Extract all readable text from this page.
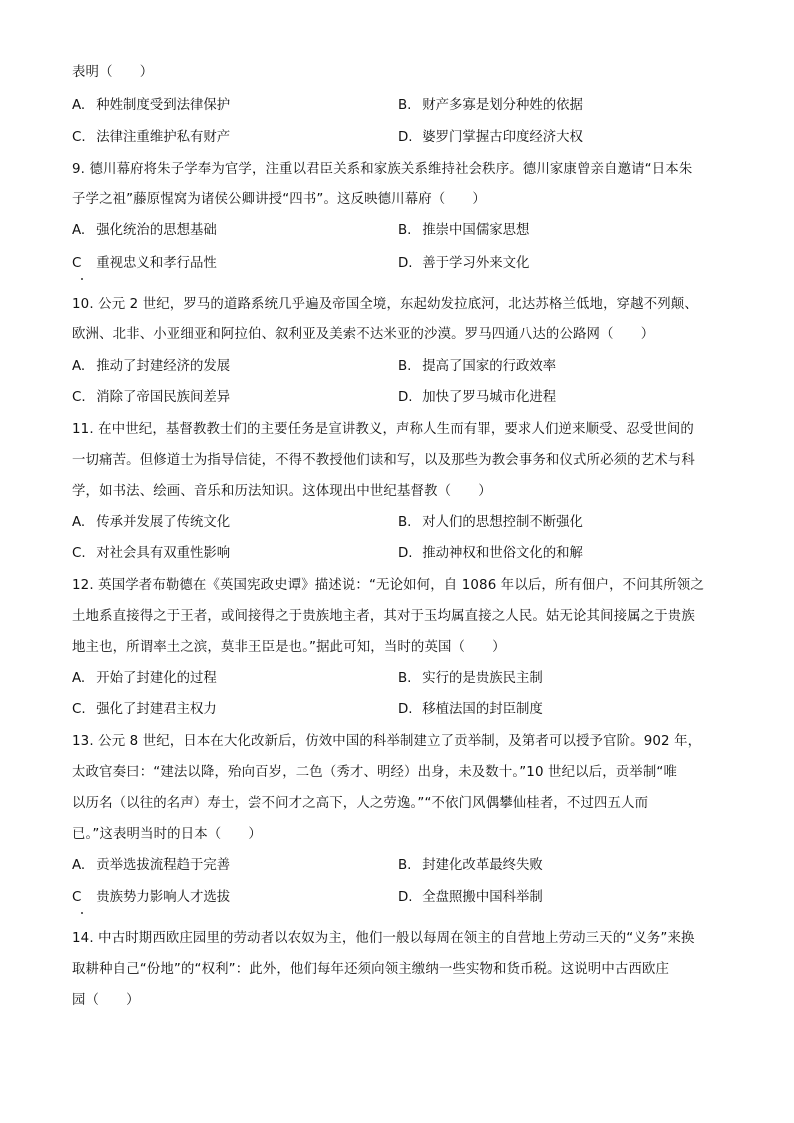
表明（　　）
A. 种姓制度受到法律保护	B. 财产多寡是划分种姓的依据
C. 法律注重维护私有财产	D. 婆罗门掌握古印度经济大权
9. 德川幕府将朱子学奉为官学，注重以君臣关系和家族关系维持社会秩序。德川家康曾亲自邀请“日本朱
子学之祖”藤原惺窝为诸侯公卿讲授“四书”。这反映德川幕府（　　）
A. 强化统治的思想基础	B. 推崇中国儒家思想
C 重视忠义和孝行品性	D. 善于学习外来文化
10. 公元 2 世纪，罗马的道路系统几乎遍及帝国全境，东起幼发拉底河，北达苏格兰低地，穿越不列颠、
欧洲、北非、小亚细亚和阿拉伯、叙利亚及美索不达米亚的沙漠。罗马四通八达的公路网（　　）
A. 推动了封建经济的发展	B. 提高了国家的行政效率
C. 消除了帝国民族间差异	D. 加快了罗马城市化进程
11. 在中世纪，基督教教士们的主要任务是宣讲教义，声称人生而有罪，要求人们逆来顺受、忍受世间的
一切痛苦。但修道士为指导信徒，不得不教授他们读和写，以及那些为教会事务和仪式所必须的艺术与科
学，如书法、绘画、音乐和历法知识。这体现出中世纪基督教（　　）
A. 传承并发展了传统文化	B. 对人们的思想控制不断强化
C. 对社会具有双重性影响	D. 推动神权和世俗文化的和解
12. 英国学者布勒德在《英国宪政史谭》描述说：“无论如何，自 1086 年以后，所有佃户，不问其所领之
土地系直接得之于王者，或间接得之于贵族地主者，其对于玉均属直接之人民。姑无论其间接属之于贵族
地主也，所谓率土之滨，莫非王臣是也。”据此可知，当时的英国（　　）
A. 开始了封建化的过程	B. 实行的是贵族民主制
C. 强化了封建君主权力	D. 移植法国的封臣制度
13. 公元 8 世纪，日本在大化改新后，仿效中国的科举制建立了贡举制，及第者可以授予官阶。902 年，
太政官奏曰：“建法以降，殆向百岁，二色（秀才、明经）出身，未及数十。”10 世纪以后，贡举制“唯
以历名（以往的名声）寿士，尝不问才之高下，人之劳逸。”“不依门风偶攀仙桂者，不过四五人而
已。”这表明当时的日本（　　）
A. 贡举选拔流程趋于完善	B. 封建化改革最终失败
C 贵族势力影响人才选拔	D. 全盘照搬中国科举制
14. 中古时期西欧庄园里的劳动者以农奴为主，他们一般以每周在领主的自营地上劳动三天的“义务”来换
取耕种自己“份地”的“权利”：此外，他们每年还须向领主缴纳一些实物和货币税。这说明中古西欧庄
园（　　）
